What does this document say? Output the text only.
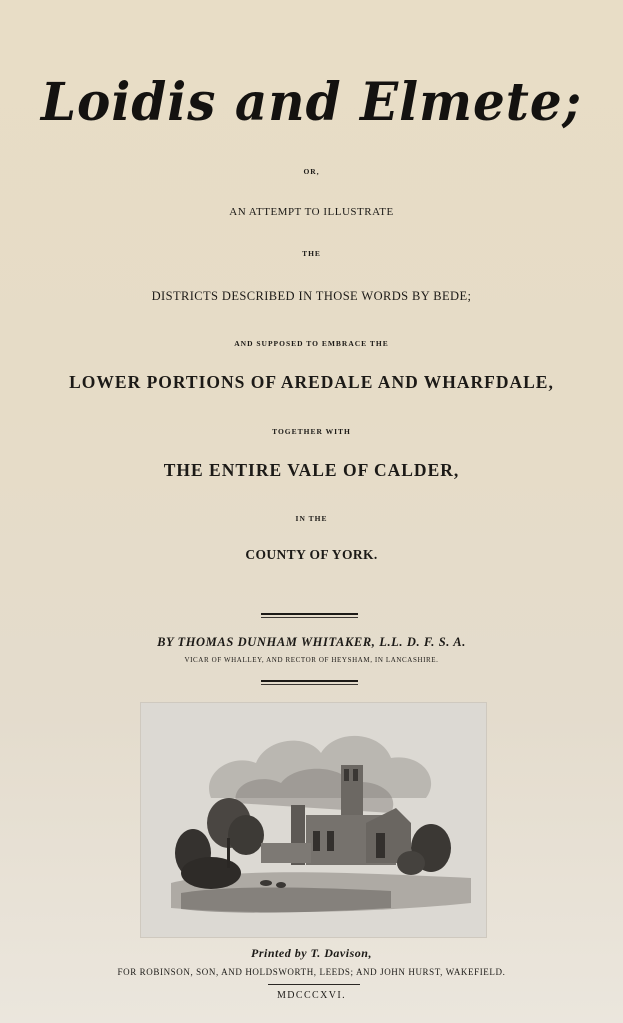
Loidis and Elmete;
OR,
AN ATTEMPT TO ILLUSTRATE
THE
DISTRICTS DESCRIBED IN THOSE WORDS BY BEDE;
AND SUPPOSED TO EMBRACE THE
LOWER PORTIONS OF AREDALE AND WHARFDALE,
TOGETHER WITH
THE ENTIRE VALE OF CALDER,
IN THE
COUNTY OF YORK.
BY THOMAS DUNHAM WHITAKER, L.L. D. F. S. A.
VICAR OF WHALLEY, AND RECTOR OF HEYSHAM, IN LANCASHIRE.
Printed by T. Davison,
FOR ROBINSON, SON, AND HOLDSWORTH, LEEDS; AND JOHN HURST, WAKEFIELD.
MDCCCXVI.
